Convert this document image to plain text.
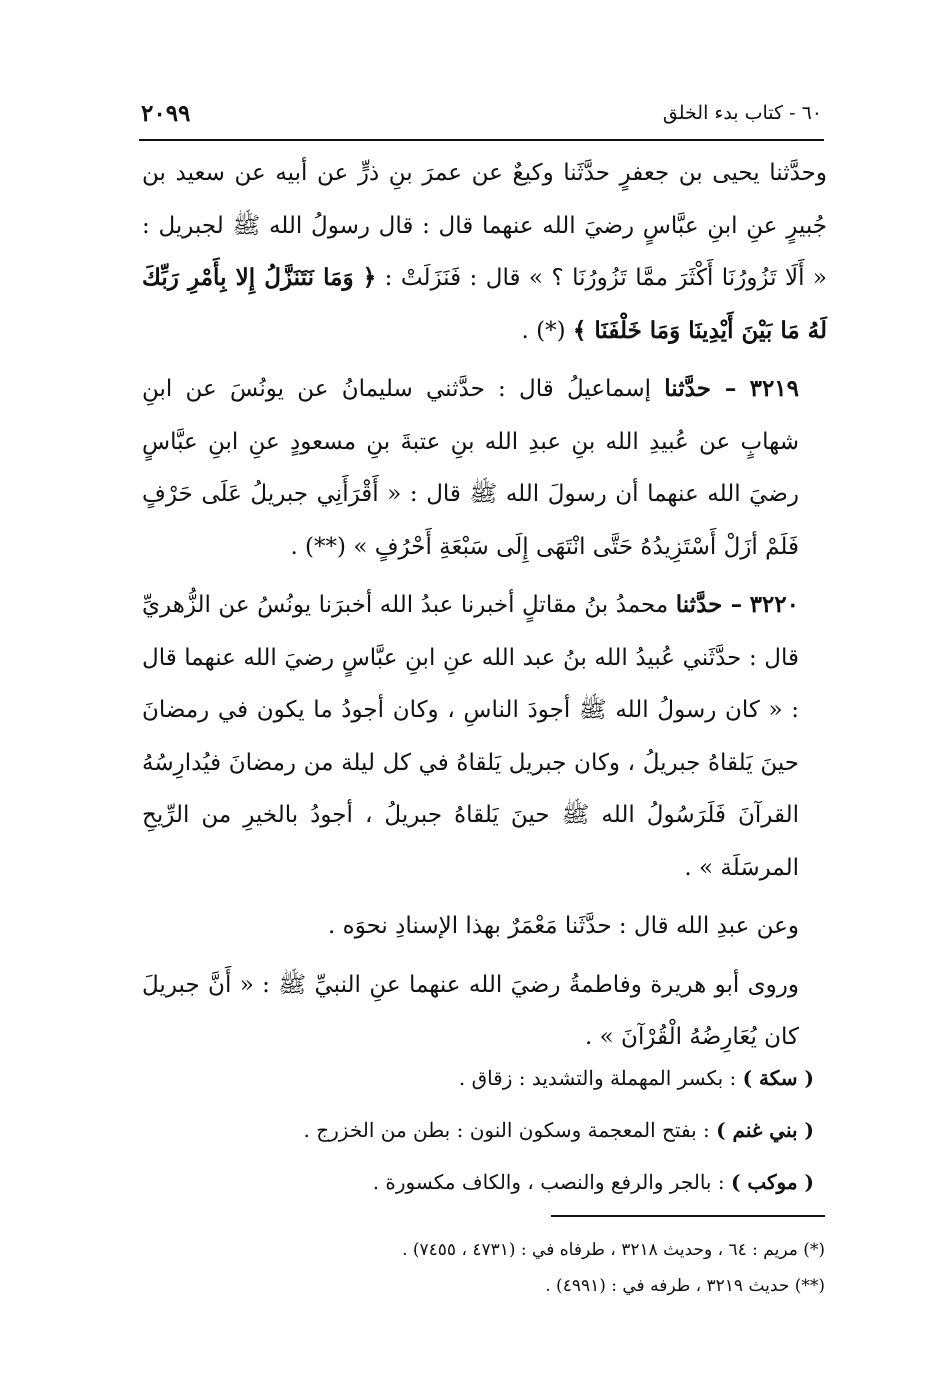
٢٠٩٩	٦٠ - كتاب بدء الخلق

وحدَّثنا يحيى بن جعفرٍ حدَّثَنا وكيعٌ عن عمرَ بنِ ذرٍّ عن أبيه عن سعيد بن جُبيرٍ عنِ ابنِ عبَّاسٍ رضيَ الله عنهما قال : قال رسولُ الله ﷺ لجبريل : « أَلَا تَزُورُنَا أَكْثَرَ ممَّا تَزُورُنَا ؟ » قال : فَنَزَلَتْ : ﴿ وَمَا نَتَنَزَّلُ إِلا بِأَمْرِ رَبِّكَ لَهُ مَا بَيْنَ أَيْدِينَا وَمَا خَلْفَنَا ﴾ (*) .

٣٢١٩ – حدَّثنا إسماعيلُ قال : حدَّثني سليمانُ عن يونُسَ عن ابنِ شهابٍ عن عُبيدِ الله بنِ عبدِ الله بنِ عتبةَ بنِ مسعودٍ عنِ ابنِ عبَّاسٍ رضيَ الله عنهما أن رسولَ الله ﷺ قال : « أَقْرَأَنِي جبريلُ عَلَى حَرْفٍ فَلَمْ أزَلْ أَسْتَزِيدُهُ حَتَّى انْتَهَى إِلَى سَبْعَةِ أَحْرُفٍ » (**) .

٣٢٢٠ – حدَّثنا محمدُ بنُ مقاتلٍ أخبرنا عبدُ الله أخبرَنا يونُسُ عن الزُّهريِّ قال : حدَّثَني عُبيدُ الله بنُ عبد الله عنِ ابنِ عبَّاسٍ رضيَ الله عنهما قال : « كان رسولُ الله ﷺ أجودَ الناسِ ، وكان أجودُ ما يكون في رمضانَ حينَ يَلقاهُ جبريلُ ، وكان جبريل يَلقاهُ في كل ليلة من رمضانَ فيُدارِسُهُ القرآنَ فَلَرَسُولُ الله ﷺ حينَ يَلقاهُ جبريلُ ، أجودُ بالخيرِ من الرِّيحِ المرسَلَة » .

وعن عبدِ الله قال : حدَّثَنا مَعْمَرٌ بهذا الإسنادِ نحوَه .

وروى أبو هريرة وفاطمةُ رضيَ الله عنهما عنِ النبيِّ ﷺ : « أَنَّ جبريلَ كان يُعَارِضُهُ الْقُرْآنَ » .

( سكة ) : بكسر المهملة والتشديد : زقاق .

( بني غنم ) : بفتح المعجمة وسكون النون : بطن من الخزرج .

( موكب ) : بالجر والرفع والنصب ، والكاف مكسورة .

(*) مريم : ٦٤ ، وحديث ٣٢١٨ ، طرفاه في : (٤٧٣١ ، ٧٤٥٥) .

(**) حديث ٣٢١٩ ، طرفه في : (٤٩٩١) .
